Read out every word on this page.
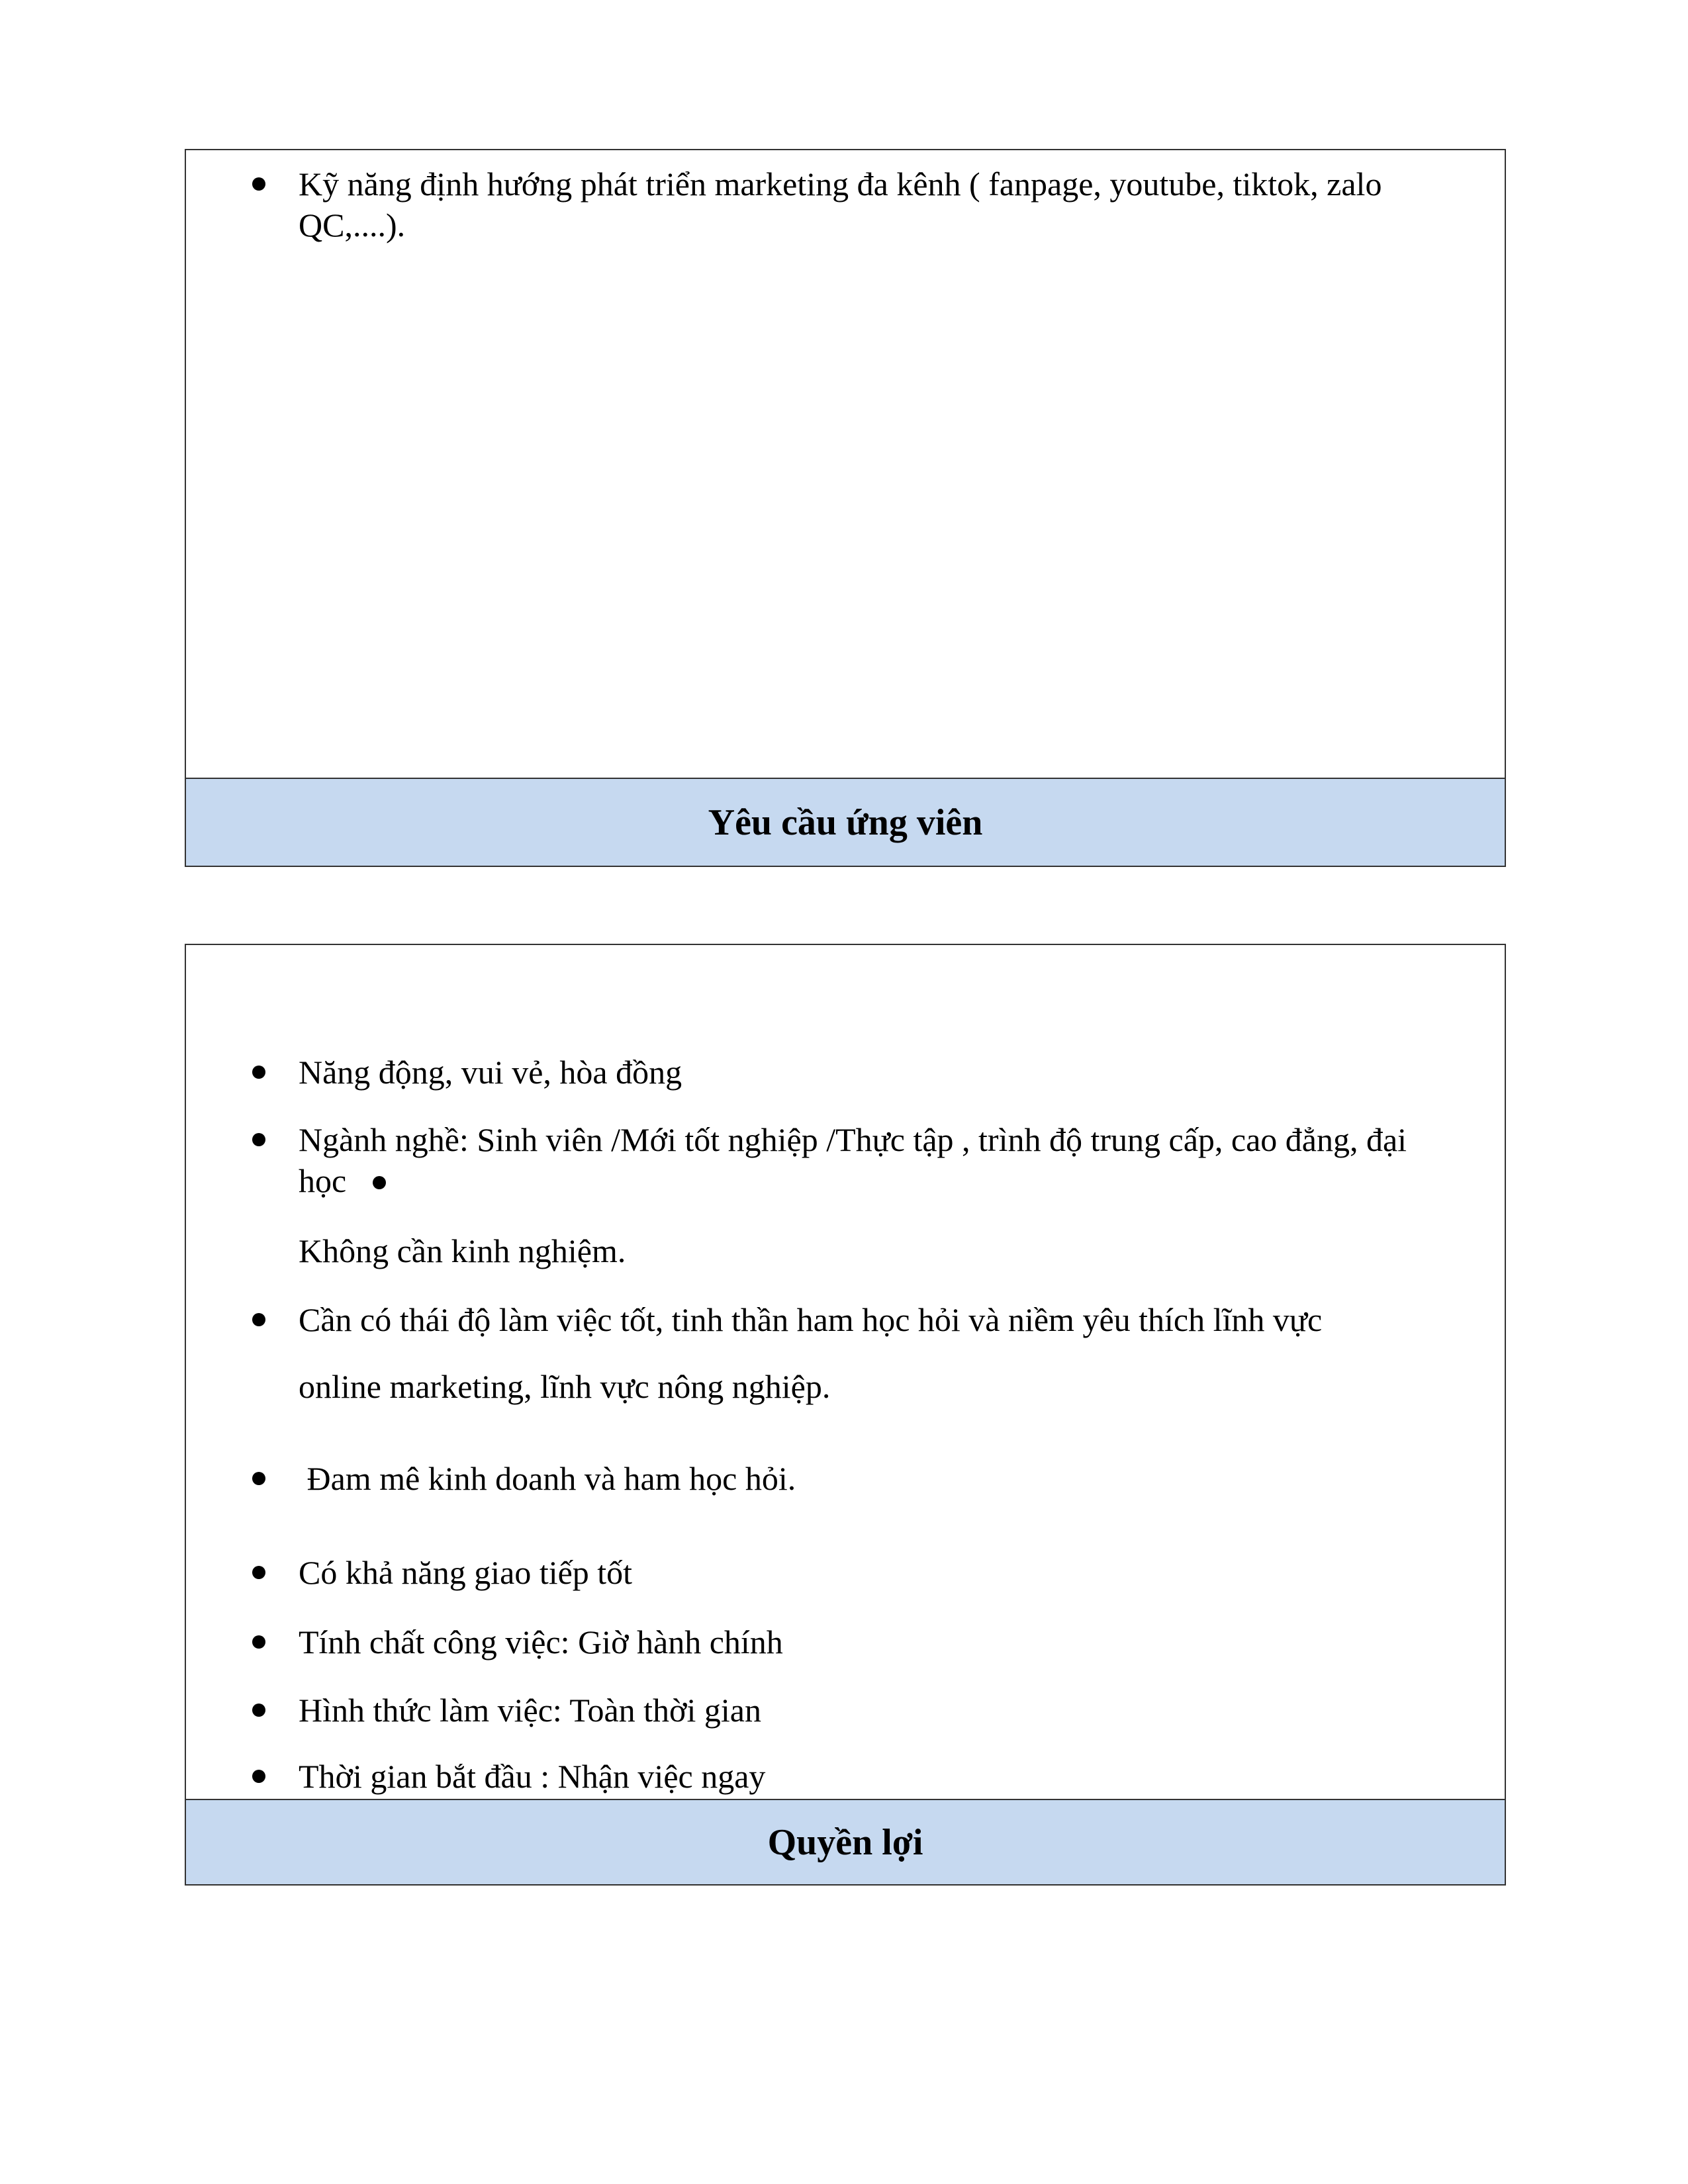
Kỹ năng định hướng phát triển marketing đa kênh ( fanpage, youtube, tiktok, zalo
QC,....).
Yêu cầu ứng viên
Năng động, vui vẻ, hòa đồng
Ngành nghề: Sinh viên /Mới tốt nghiệp /Thực tập , trình độ trung cấp, cao đẳng, đại
học
Không cần kinh nghiệm.
Cần có thái độ làm việc tốt, tinh thần ham học hỏi và niềm yêu thích lĩnh vực
online marketing, lĩnh vực nông nghiệp.
Đam mê kinh doanh và ham học hỏi.
Có khả năng giao tiếp tốt
Tính chất công việc: Giờ hành chính
Hình thức làm việc: Toàn thời gian
Thời gian bắt đầu : Nhận việc ngay
Quyền lợi
